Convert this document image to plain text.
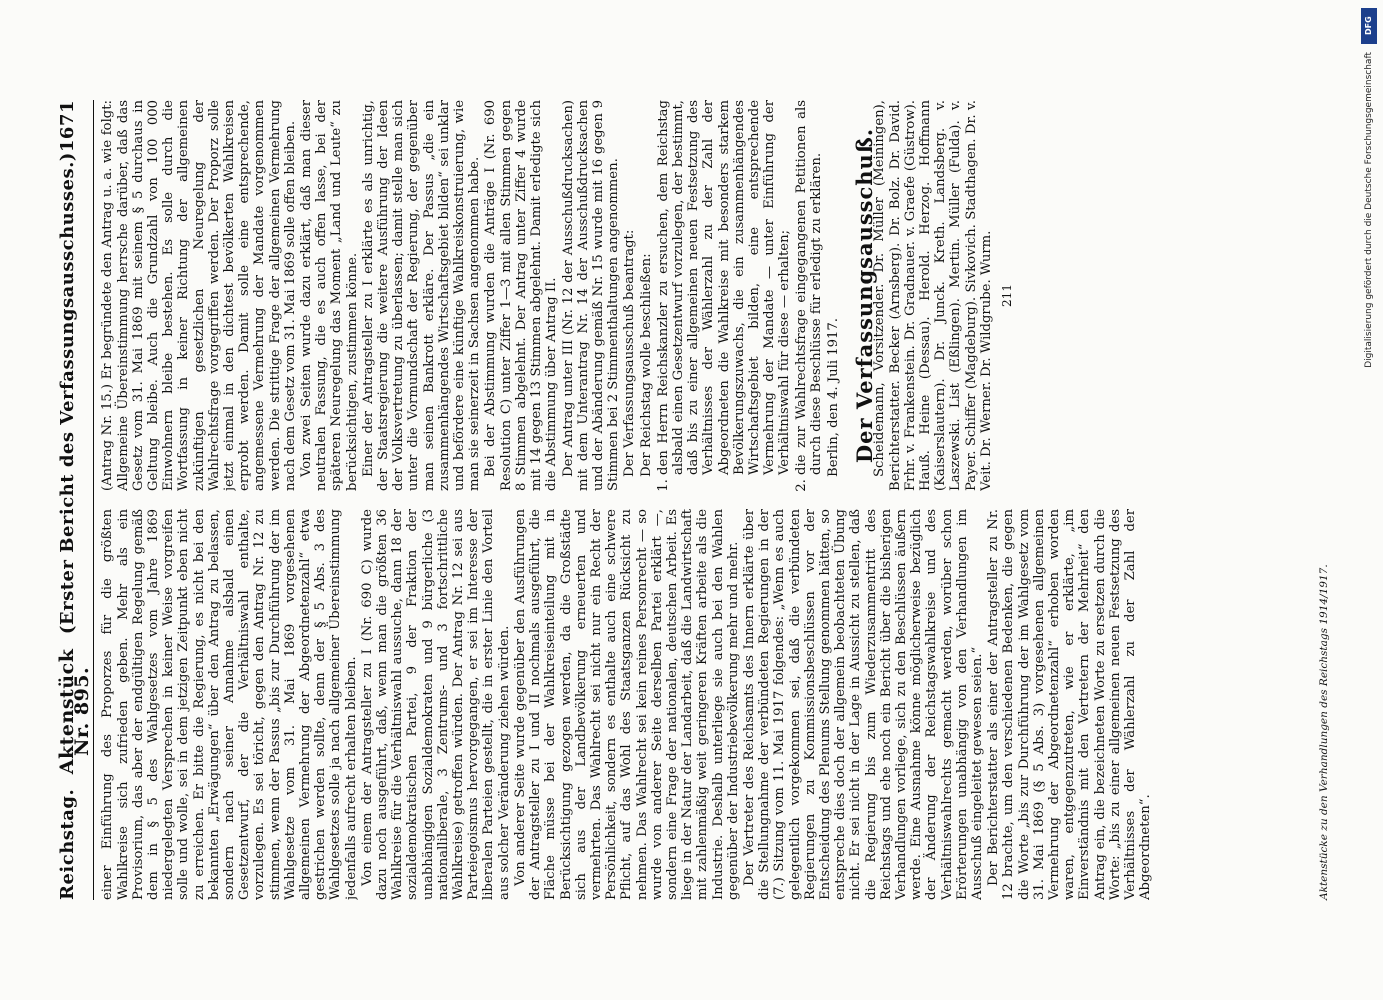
Reichstag.
Aktenstück Nr. 895.
(Erster Bericht des Verfassungsausschusses.)
1671

einer Einführung des Proporzes für die größten Wahlkreise sich zufrieden geben. Mehr als ein Provisorium, das aber der endgültigen Regelung gemäß dem in § 5 des Wahlgesetzes vom Jahre 1869 niedergelegten Versprechen in keiner Weise vorgreifen solle und wolle, sei in dem jetzigen Zeitpunkt eben nicht zu erreichen. Er bitte die Regierung, es nicht bei den bekannten „Erwägungen“ über den Antrag zu belassen, sondern nach seiner Annahme alsbald einen Gesetzentwurf, der die Verhältniswahl enthalte, vorzulegen. Es sei töricht, gegen den Antrag Nr. 12 zu stimmen, wenn der Passus „bis zur Durchführung der im Wahlgesetze vom 31. Mai 1869 vorgesehenen allgemeinen Vermehrung der Abgeordnetenzahl“ etwa gestrichen werden sollte, denn der § 5 Abs. 3 des Wahlgesetzes solle ja nach allgemeiner Übereinstimmung jedenfalls aufrecht erhalten bleiben. Von einem der Antragsteller zu I (Nr. 690 C) wurde dazu noch ausgeführt, daß, wenn man die größten 36 Wahlkreise für die Verhältniswahl aussuche, dann 18 der sozialdemokratischen Partei, 9 der Fraktion der unabhängigen Sozialdemokraten und 9 bürgerliche (3 nationalliberale, 3 Zentrums- und 3 fortschrittliche Wahlkreise) getroffen würden. Der Antrag Nr. 12 sei aus Parteiegoismus hervorgegangen, er sei im Interesse der liberalen Parteien gestellt, die in erster Linie den Vorteil aus solcher Veränderung ziehen würden. Von anderer Seite wurde gegenüber den Ausführungen der Antragsteller zu I und II nochmals ausgeführt, die Fläche müsse bei der Wahlkreiseinteilung mit in Berücksichtigung gezogen werden, da die Großstädte sich aus der Landbevölkerung erneuerten und vermehrten. Das Wahlrecht sei nicht nur ein Recht der Persönlichkeit, sondern es enthalte auch eine schwere Pflicht, auf das Wohl des Staatsganzen Rücksicht zu nehmen. Das Wahlrecht sei kein reines Personrecht — so wurde von anderer Seite derselben Partei erklärt —, sondern eine Frage der nationalen, deutschen Arbeit. Es liege in der Natur der Landarbeit, daß die Landwirtschaft mit zahlenmäßig weit geringeren Kräften arbeite als die Industrie. Deshalb unterliege sie auch bei den Wahlen gegenüber der Industriebevölkerung mehr und mehr. Der Vertreter des Reichsamts des Innern erklärte über die Stellungnahme der verbündeten Regierungen in der (7.) Sitzung vom 11. Mai 1917 folgendes: „Wenn es auch gelegentlich vorgekommen sei, daß die verbündeten Regierungen zu Kommissionsbeschlüssen vor der Entscheidung des Plenums Stellung genommen hätten, so entspreche dies doch der allgemein beobachteten Übung nicht. Er sei nicht in der Lage in Aussicht zu stellen, daß die Regierung bis zum Wiederzusammentritt des Reichstags und ehe noch ein Bericht über die bisherigen Verhandlungen vorliege, sich zu den Beschlüssen äußern werde. Eine Ausnahme könne möglicherweise bezüglich der Änderung der Reichstagswahlkreise und des Verhältniswahlrechts gemacht werden, worüber schon Erörterungen unabhängig von den Verhandlungen im Ausschuß eingeleitet gewesen seien.“ Der Berichterstatter als einer der Antragsteller zu Nr. 12 brachte, um den verschiedenen Bedenken, die gegen die Worte „bis zur Durchführung der im Wahlgesetz vom 31. Mai 1869 (§ 5 Abs. 3) vorgesehenen allgemeinen Vermehrung der Abgeordnetenzahl“ erhoben worden waren, entgegenzutreten, wie er erklärte, „im Einverständnis mit den Vertretern der Mehrheit“ den Antrag ein, die bezeichneten Worte zu ersetzen durch die Worte: „bis zu einer allgemeinen neuen Festsetzung des Verhältnisses der Wählerzahl zu der Zahl der Abgeordneten“.

(Antrag Nr. 15.) Er begründete den Antrag u. a. wie folgt: Allgemeine Übereinstimmung herrsche darüber, daß das Gesetz vom 31. Mai 1869 mit seinem § 5 durchaus in Geltung bleibe. Auch die Grundzahl von 100 000 Einwohnern bleibe bestehen. Es solle durch die Wortfassung in keiner Richtung der allgemeinen zukünftigen gesetzlichen Neuregelung der Wahlrechtsfrage vorgegriffen werden. Der Proporz solle jetzt einmal in den dichtest bevölkerten Wahlkreisen erprobt werden. Damit solle eine entsprechende, angemessene Vermehrung der Mandate vorgenommen werden. Die strittige Frage der allgemeinen Vermehrung nach dem Gesetz vom 31. Mai 1869 solle offen bleiben. Von zwei Seiten wurde dazu erklärt, daß man dieser neutralen Fassung, die es auch offen lasse, bei der späteren Neuregelung das Moment „Land und Leute“ zu berücksichtigen, zustimmen könne. Einer der Antragsteller zu I erklärte es als unrichtig, der Staatsregierung die weitere Ausführung der Ideen der Volksvertretung zu überlassen; damit stelle man sich unter die Vormundschaft der Regierung, der gegenüber man seinen Bankrott erkläre. Der Passus „die ein zusammenhängendes Wirtschaftsgebiet bilden“ sei unklar und befördere eine künftige Wahlkreiskonstruierung, wie man sie seinerzeit in Sachsen angenommen habe. Bei der Abstimmung wurden die Anträge I (Nr. 690 Resolution C) unter Ziffer 1—3 mit allen Stimmen gegen 8 Stimmen abgelehnt. Der Antrag unter Ziffer 4 wurde mit 14 gegen 13 Stimmen abgelehnt. Damit erledigte sich die Abstimmung über Antrag II. Der Antrag unter III (Nr. 12 der Ausschußdrucksachen) mit dem Unterantrag Nr. 14 der Ausschußdrucksachen und der Abänderung gemäß Nr. 15 wurde mit 16 gegen 9 Stimmen bei 2 Stimmenthaltungen angenommen. Der Verfassungsausschuß beantragt: Der Reichstag wolle beschließen: 1. den Herrn Reichskanzler zu ersuchen, dem Reichstag alsbald einen Gesetzentwurf vorzulegen, der bestimmt, daß bis zu einer allgemeinen neuen Festsetzung des Verhältnisses der Wählerzahl zu der Zahl der Abgeordneten die Wahlkreise mit besonders starkem Bevölkerungszuwachs, die ein zusammenhängendes Wirtschaftsgebiet bilden, eine entsprechende Vermehrung der Mandate — unter Einführung der Verhältniswahl für diese — erhalten; 2. die zur Wahlrechtsfrage eingegangenen Petitionen als durch diese Beschlüsse für erledigt zu erklären. Berlin, den 4. Juli 1917. Der Verfassungsausschuß.

Scheidemann, Vorsitzender. Dr. Müller (Meiningen), Berichterstatter. Becker (Arnsberg). Dr. Bolz. Dr. David. Frhr. v. Frankenstein. Dr. Gradnauer. v. Graefe (Güstrow). Hauß. Heine (Dessau). Herold. Herzog. Hoffmann (Kaiserslautern). Dr. Junck. Kreth. Landsberg. v. Laszewski. List (Eßlingen). Mertin. Müller (Fulda). v. Payer. Schiffer (Magdeburg). Sivkovich. Stadthagen. Dr. v. Veit. Dr. Werner. Dr. Wildgrube. Wurm. 211
Aktenstücke zu den Verhandlungen des Reichstags 1914/1917.
DFG
Digitalisierung gefördert durch die Deutsche Forschungsgemeinschaft
